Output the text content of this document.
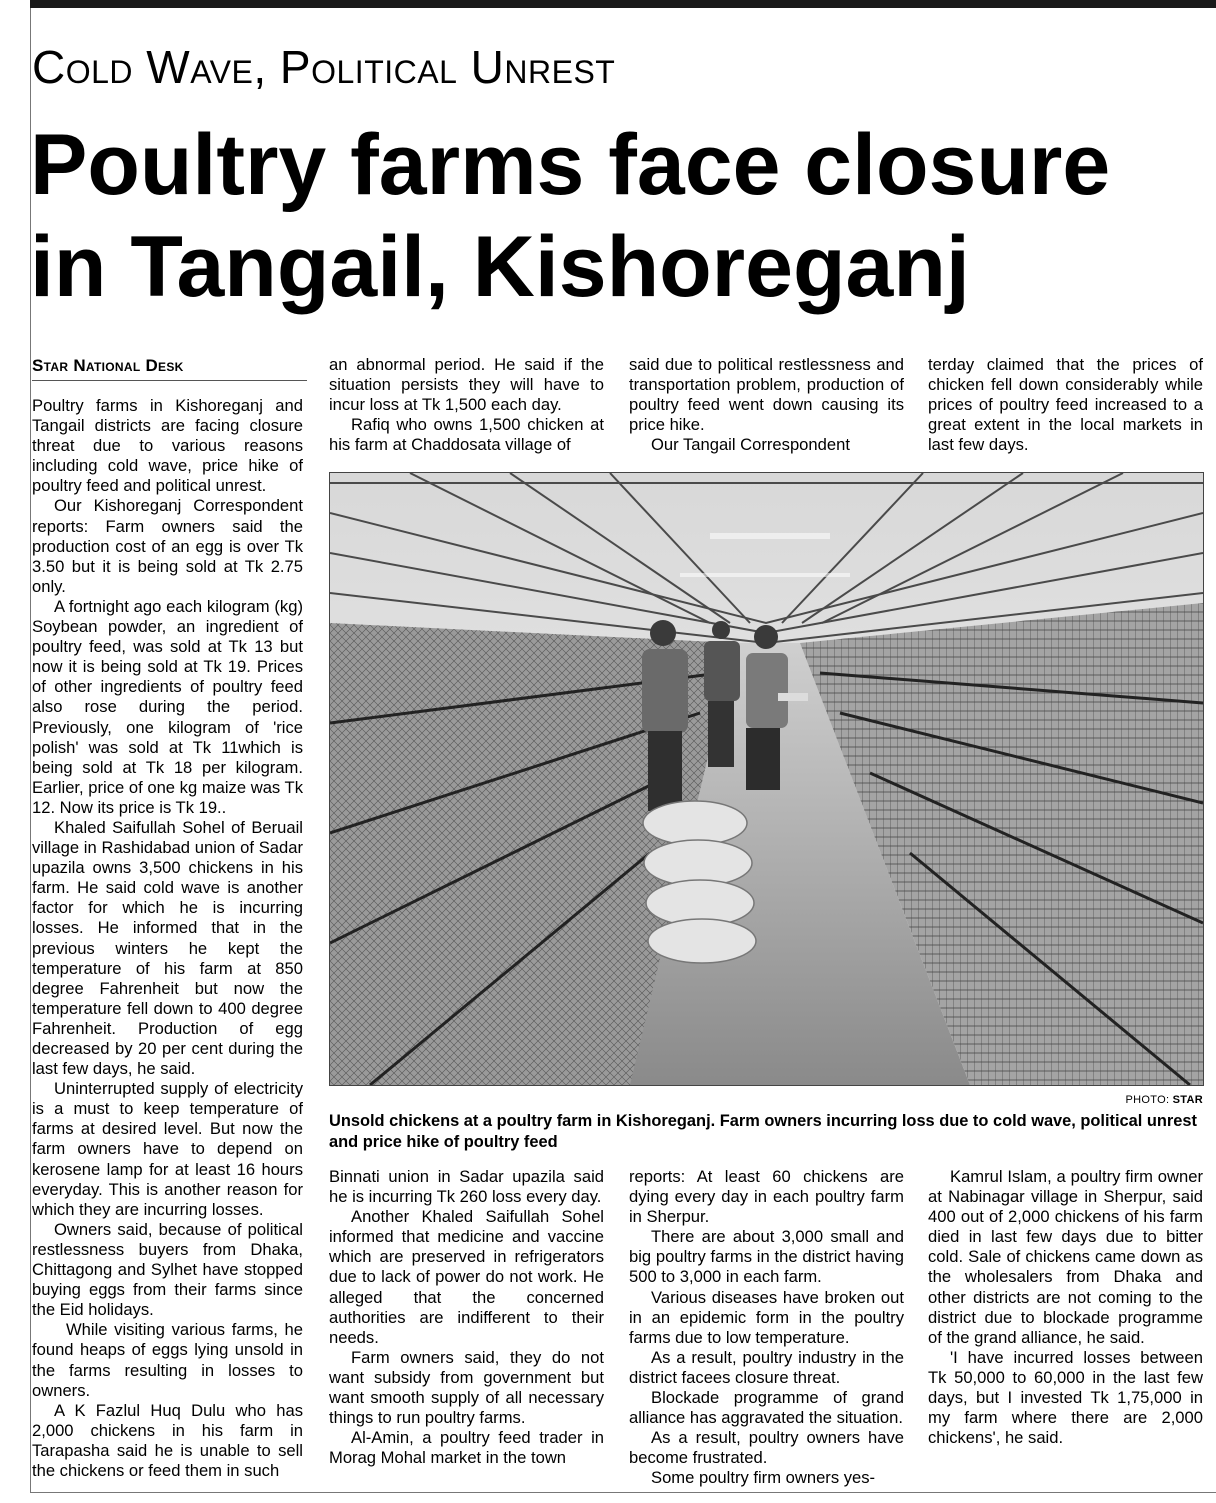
Cold Wave, Political Unrest
Poultry farms face closure in Tangail, Kishoreganj
Star National Desk

Poultry farms in Kishoreganj and Tangail districts are facing closure threat due to various reasons including cold wave, price hike of poultry feed and political unrest.

Our Kishoreganj Correspondent reports: Farm owners said the production cost of an egg is over Tk 3.50 but it is being sold at Tk 2.75 only.

A fortnight ago each kilogram (kg) Soybean powder, an ingredient of poultry feed, was sold at Tk 13 but now it is being sold at Tk 19. Prices of other ingredients of poultry feed also rose during the period. Previously, one kilogram of 'rice polish' was sold at Tk 11which is being sold at Tk 18 per kilogram. Earlier, price of one kg maize was Tk 12. Now its price is Tk 19..

Khaled Saifullah Sohel of Beruail village in Rashidabad union of Sadar upazila owns 3,500 chickens in his farm. He said cold wave is another factor for which he is incurring losses. He informed that in the previous winters he kept the temperature of his farm at 850 degree Fahrenheit but now the temperature fell down to 400 degree Fahrenheit. Production of egg decreased by 20 per cent during the last few days, he said.

Uninterrupted supply of electricity is a must to keep temperature of farms at desired level. But now the farm owners have to depend on kerosene lamp for at least 16 hours everyday. This is another reason for which they are incurring losses.

Owners said, because of political restlessness buyers from Dhaka, Chittagong and Sylhet have stopped buying eggs from their farms since the Eid holidays.

While visiting various farms, he found heaps of eggs lying unsold in the farms resulting in losses to owners.

A K Fazlul Huq Dulu who has 2,000 chickens in his farm in Tarapasha said he is unable to sell the chickens or feed them in such

an abnormal period. He said if the situation persists they will have to incur loss at Tk 1,500 each day.

Rafiq who owns 1,500 chicken at his farm at Chaddosata village of

said due to political restlessness and transportation problem, production of poultry feed went down causing its price hike.

Our Tangail Correspondent

terday claimed that the prices of chicken fell down considerably while prices of poultry feed increased to a great extent in the local markets in last few days.

PHOTO: STAR
Unsold chickens at a poultry farm in Kishoreganj. Farm owners incurring loss due to cold wave, political unrest and price hike of poultry feed

Binnati union in Sadar upazila said he is incurring Tk 260 loss every day.

Another Khaled Saifullah Sohel informed that medicine and vaccine which are preserved in refrigerators due to lack of power do not work. He alleged that the concerned authorities are indifferent to their needs.

Farm owners said, they do not want subsidy from government but want smooth supply of all necessary things to run poultry farms.

Al-Amin, a poultry feed trader in Morag Mohal market in the town

reports: At least 60 chickens are dying every day in each poultry farm in Sherpur.

There are about 3,000 small and big poultry farms in the district having 500 to 3,000 in each farm.

Various diseases have broken out in an epidemic form in the poultry farms due to low temperature.

As a result, poultry industry in the district facees closure threat.

Blockade programme of grand alliance has aggravated the situation.

As a result, poultry owners have become frustrated.

Some poultry firm owners yes-

Kamrul Islam, a poultry firm owner at Nabinagar village in Sherpur, said 400 out of 2,000 chickens of his farm died in last few days due to bitter cold. Sale of chickens came down as the wholesalers from Dhaka and other districts are not coming to the district due to blockade programme of the grand alliance, he said.

'I have incurred losses between Tk 50,000 to 60,000 in the last few days, but I invested Tk 1,75,000 in my farm where there are 2,000 chickens', he said.
